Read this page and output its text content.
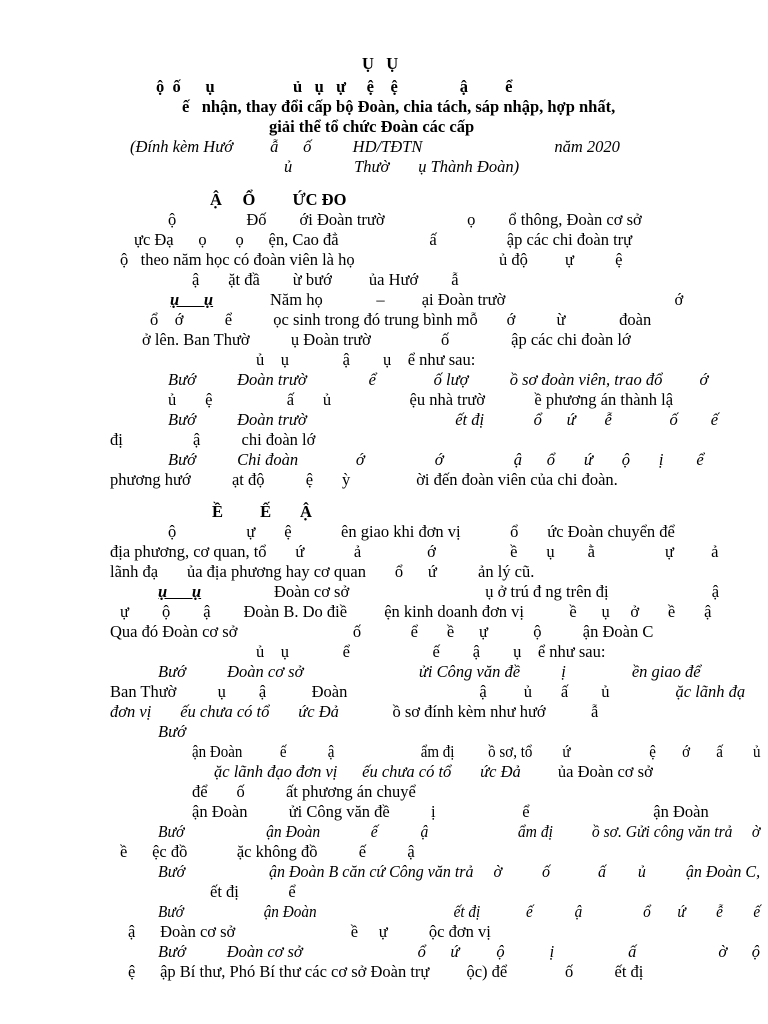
Ụ   Ụ
ộ  ố      ụ                   ủ   ụ   ự     ệ    ệ               ậ         ể
ế   nhận, thay đổi cấp bộ Đoàn, chia tách, sáp nhập, hợp nhất,
giải thể tổ chức Đoàn các cấp
(Đính kèm Hướ         ẫ      ố          HD/TĐTN                                năm 2020
ủ               Thườ       ụ Thành Đoàn)
Ậ     Ổ         ỨC ĐO
ộ                 Đố        ới Đoàn trườ                    ọ        ổ thông, Đoàn cơ sở
ực Đạ      ọ       ọ      ện, Cao đẳ                      ấ                 ập các chi đoàn trự
ộ   theo năm học có đoàn viên là họ                                   ủ độ         ự          ệ
ậ       ặt đầ        ừ bướ         ủa Hướ        ẫ
ụ      ụ	Năm họ             –         ại Đoàn trườ                                         ớ
ổ    ớ          ể          ọc sinh trong đó trung bình mỗ       ớ          ừ             đoàn
ở lên. Ban Thườ          ụ Đoàn trườ                 ố               ập các chi đoàn lớ
ủ    ụ             ậ        ụ    ể như sau:
Bướ          Đoàn trườ               ể              ố lượ          ồ sơ đoàn viên, trao đổ         ớ
ủ       ệ                  ấ       ủ                   ệu nhà trườ            ề phương án thành lậ
Bướ          Đoàn trườ                                    ết đị            ổ      ứ       ễ              ố        ế
đị                 ậ          chi đoàn lớ
Bướ          Chi đoàn              ớ                 ớ                 ậ      ổ       ứ       ộ       ị        ể
phương hướ          ạt độ          ệ       ỳ                ời đến đoàn viên của chi đoàn.
Ề         Ế       Ậ
ộ                 ự       ệ            ên giao khi đơn vị            ổ       ức Đoàn chuyển để
địa phương, cơ quan, tổ       ứ            ả                ớ                  ề       ụ        ằ                 ự         ả
lãnh đạ       ủa địa phương hay cơ quan       ổ      ứ          ản lý cũ.
ụ      ụ	Đoàn cơ sở                                 ụ ở trú đ ng trên đị                         ậ
ự        ộ        ậ        Đoàn B. Do điề         ện kinh doanh đơn vị           ề      ụ     ở       ề       ậ
Qua đó Đoàn cơ sở                            ố            ể       ề      ự           ộ          ận Đoàn C
ủ    ụ             ể                    ế        ậ        ụ    ể như sau:
Bướ          Đoàn cơ sở                            ửi Công văn đề          ị                ền giao để
Ban Thườ          ụ        ậ           Đoàn                                ậ         ủ       ấ        ủ                ặc lãnh đạ
đơn vị       ếu chưa có tổ       ức Đả             ồ sơ đính kèm như hướ           ẫ
Bướ
ận Đoàn          ế           ậ                       ẩm đị         ồ sơ, tổ        ứ                     ệ       ớ       ấ        ủ
ặc lãnh đạo đơn vị      ếu chưa có tổ       ức Đả         ủa Đoàn cơ sở
để       ố          ất phương án chuyể
ận Đoàn          ửi Công văn đề          ị                     ể                              ận Đoàn
Bướ                     ận Đoàn             ế           ậ                       ẩm đị          ồ sơ. Gửi công văn trả     ờ
ề      ệc đồ            ặc không đồ          ế          ậ
Bướ                     ận Đoàn B căn cứ Công văn trả     ờ          ố            ấ        ủ          ận Đoàn C,
ết đị            ể
Bướ                     ận Đoàn                                    ết đị            ế           ậ                ổ       ứ        ễ        ế
ậ      Đoàn cơ sở                            ề     ự          ộc đơn vị
Bướ          Đoàn cơ sở                            ổ      ứ         ộ           ị                  ấ                    ờ      ộ
ệ      ập Bí thư, Phó Bí thư các cơ sở Đoàn trự         ộc) để              ố          ết đị
